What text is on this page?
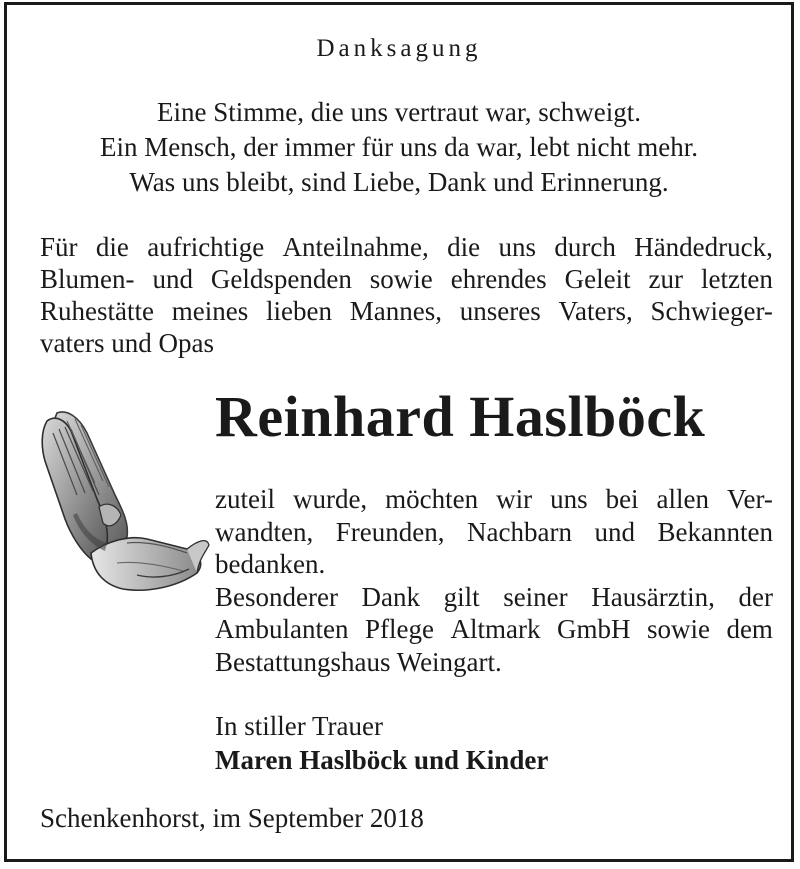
Danksagung
Eine Stimme, die uns vertraut war, schweigt.
Ein Mensch, der immer für uns da war, lebt nicht mehr.
Was uns bleibt, sind Liebe, Dank und Erinnerung.
Für die aufrichtige Anteilnahme, die uns durch Händedruck,
Blumen- und Geldspenden sowie ehrendes Geleit zur letzten
Ruhestätte meines lieben Mannes, unseres Vaters, Schwieger-
vaters und Opas
Reinhard Haslböck
zuteil wurde, möchten wir uns bei allen Ver-
wandten, Freunden, Nachbarn und Bekannten
bedanken.
Besonderer Dank gilt seiner Hausärztin, der
Ambulanten Pflege Altmark GmbH sowie dem
Bestattungshaus Weingart.
In stiller Trauer
Maren Haslböck und Kinder
Schenkenhorst, im September 2018
